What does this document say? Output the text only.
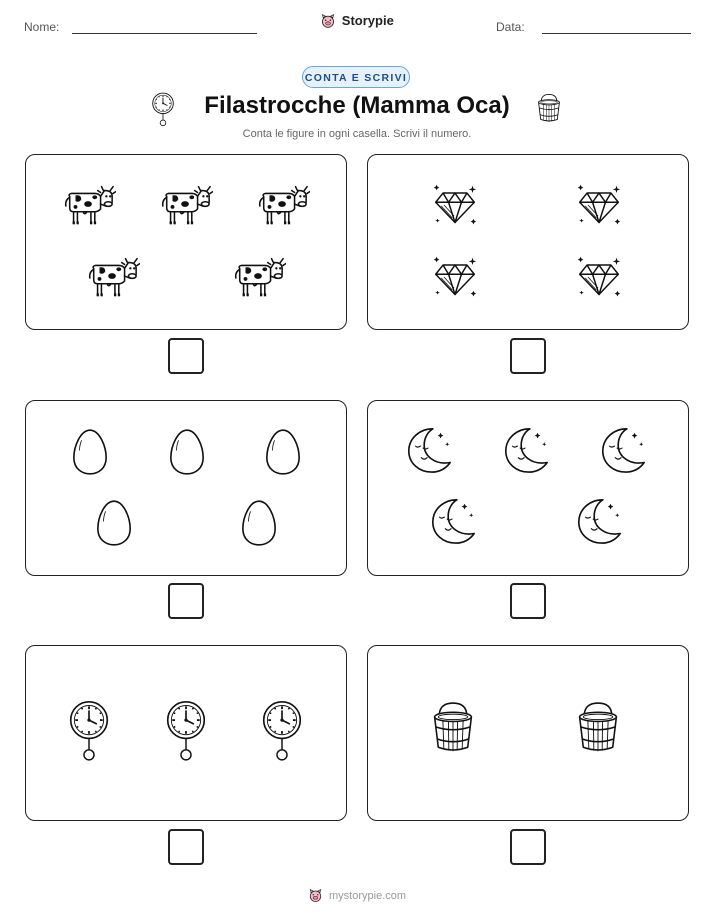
Nome:	Storypie	Data:
CONTA E SCRIVI
Filastrocche (Mamma Oca)
Conta le figure in ogni casella. Scrivi il numero.
mystorypie.com
